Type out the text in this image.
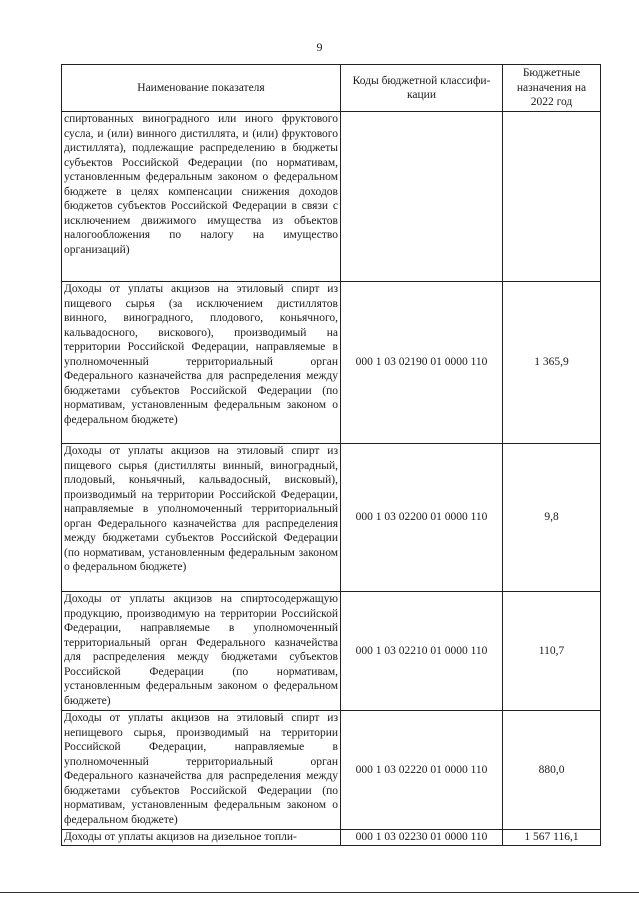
9
Наименование показателя	Коды бюджетной классифи-кации	Бюджетные назначения на 2022 год
спиртованных виноградного или иного фруктового сусла, и (или) винного дистиллята, и (или) фруктового дистиллята), подлежащие распределению в бюджеты субъектов Российской Федерации (по нормативам, установленным федеральным законом о федеральном бюджете в целях компенсации снижения доходов бюджетов субъектов Российской Федерации в связи с исключением движимого имущества из объектов налогообложения по налогу на имущество организаций)		
Доходы от уплаты акцизов на этиловый спирт из пищевого сырья (за исключением дистиллятов винного, виноградного, плодового, коньячного, кальвадосного, вискового), производимый на территории Российской Федерации, направляемые в уполномоченный территориальный орган Федерального казначейства для распределения между бюджетами субъектов Российской Федерации (по нормативам, установленным федеральным законом о федеральном бюджете)	000 1 03 02190 01 0000 110	1 365,9
Доходы от уплаты акцизов на этиловый спирт из пищевого сырья (дистилляты винный, виноградный, плодовый, коньячный, кальвадосный, висковый), производимый на территории Российской Федерации, направляемые в уполномоченный территориальный орган Федерального казначейства для распределения между бюджетами субъектов Российской Федерации (по нормативам, установленным федеральным законом о федеральном бюджете)	000 1 03 02200 01 0000 110	9,8
Доходы от уплаты акцизов на спиртосодержащую продукцию, производимую на территории Российской Федерации, направляемые в уполномоченный территориальный орган Федерального казначейства для распределения между бюджетами субъектов Российской Федерации (по нормативам, установленным федеральным законом о федеральном бюджете)	000 1 03 02210 01 0000 110	110,7
Доходы от уплаты акцизов на этиловый спирт из непищевого сырья, производимый на территории Российской Федерации, направляемые в уполномоченный территориальный орган Федерального казначейства для распределения между бюджетами субъектов Российской Федерации (по нормативам, установленным федеральным законом о федеральном бюджете)	000 1 03 02220 01 0000 110	880,0
Доходы от уплаты акцизов на дизельное топли-	000 1 03 02230 01 0000 110	1 567 116,1
